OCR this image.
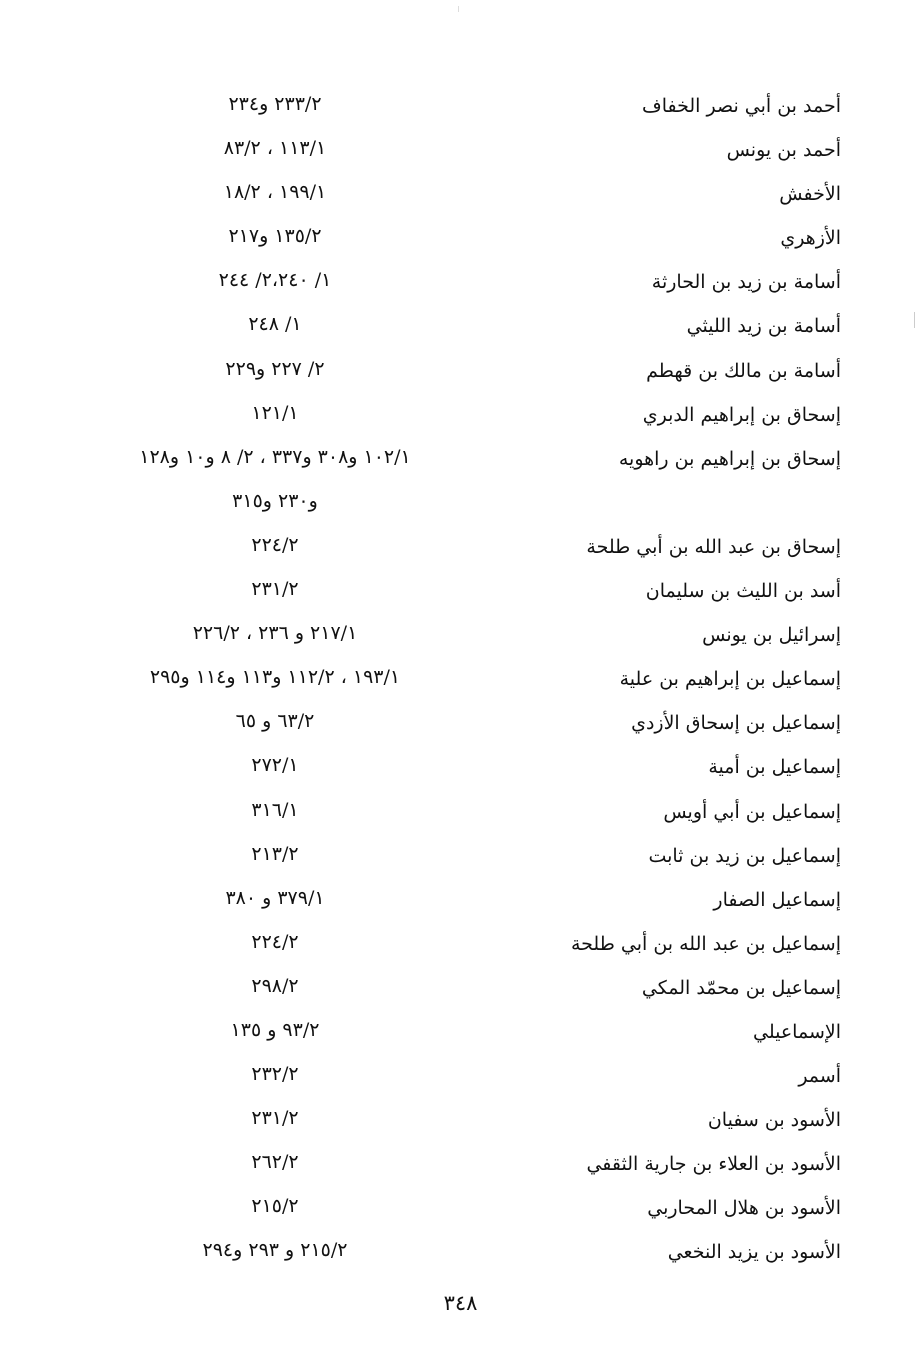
أحمد بن أبي نصر الخفاف
٢٣٣/٢ و٢٣٤
أحمد بن يونس
١١٣/١ ، ٨٣/٢
الأخفش
١٩٩/١ ، ١٨/٢
الأزهري
١٣٥/٢ و٢١٧
أسامة بن زيد بن الحارثة
١/ ٢،٢٤٠/ ٢٤٤
أسامة بن زيد الليثي
١/ ٢٤٨
أسامة بن مالك بن قهطم
٢/ ٢٢٧ و٢٢٩
إسحاق بن إبراهيم الدبري
١٢١/١
إسحاق بن إبراهيم بن راهويه
١٠٢/١ و٣٠٨ و٣٣٧ ، ٢/ ٨ و١٠ و١٢٨
و٢٣٠ و٣١٥
إسحاق بن عبد الله بن أبي طلحة
٢٢٤/٢
أسد بن الليث بن سليمان
٢٣١/٢
إسرائيل بن يونس
٢١٧/١ و ٢٣٦ ، ٢٢٦/٢
إسماعيل بن إبراهيم بن علية
١٩٣/١ ، ١١٢/٢ و١١٣ و١١٤ و٢٩٥
إسماعيل بن إسحاق الأزدي
٦٣/٢ و ٦٥
إسماعيل بن أمية
٢٧٢/١
إسماعيل بن أبي أويس
٣١٦/١
إسماعيل بن زيد بن ثابت
٢١٣/٢
إسماعيل الصفار
٣٧٩/١ و ٣٨٠
إسماعيل بن عبد الله بن أبي طلحة
٢٢٤/٢
إسماعيل بن محمّد المكي
٢٩٨/٢
الإسماعيلي
٩٣/٢ و ١٣٥
أسمر
٢٣٢/٢
الأسود بن سفيان
٢٣١/٢
الأسود بن العلاء بن جارية الثقفي
٢٦٢/٢
الأسود بن هلال المحاربي
٢١٥/٢
الأسود بن يزيد النخعي
٢١٥/٢ و ٢٩٣ و٢٩٤
٣٤٨
